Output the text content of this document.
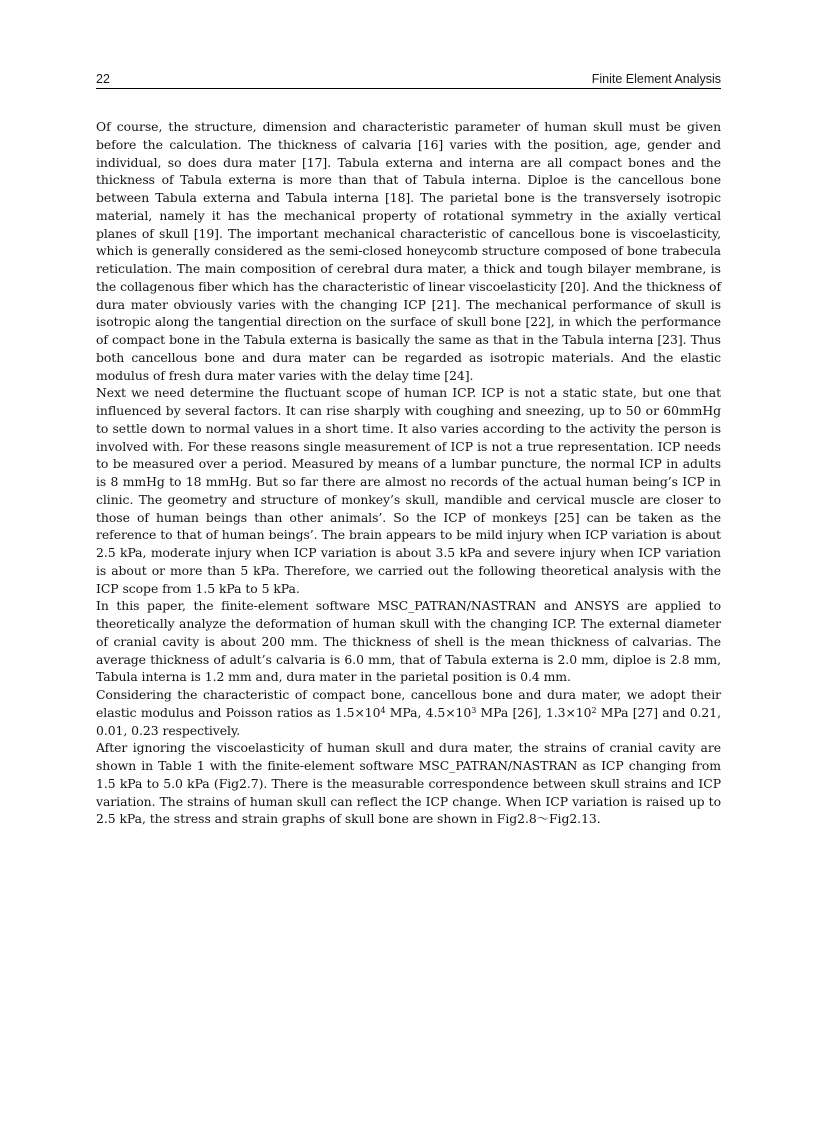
22	Finite Element Analysis

Of course, the structure, dimension and characteristic parameter of human skull must be given before the calculation. The thickness of calvaria [16] varies with the position, age, gender and individual, so does dura mater [17]. Tabula externa and interna are all compact bones and the thickness of Tabula externa is more than that of Tabula interna. Diploe is the cancellous bone between Tabula externa and Tabula interna [18]. The parietal bone is the transversely isotropic material, namely it has the mechanical property of rotational symmetry in the axially vertical planes of skull [19]. The important mechanical characteristic of cancellous bone is viscoelasticity, which is generally considered as the semi-closed honeycomb structure composed of bone trabecula reticulation. The main composition of cerebral dura mater, a thick and tough bilayer membrane, is the collagenous fiber which has the characteristic of linear viscoelasticity [20]. And the thickness of dura mater obviously varies with the changing ICP [21]. The mechanical performance of skull is isotropic along the tangential direction on the surface of skull bone [22], in which the performance of compact bone in the Tabula externa is basically the same as that in the Tabula interna [23]. Thus both cancellous bone and dura mater can be regarded as isotropic materials. And the elastic modulus of fresh dura mater varies with the delay time [24].

Next we need determine the fluctuant scope of human ICP. ICP is not a static state, but one that influenced by several factors. It can rise sharply with coughing and sneezing, up to 50 or 60mmHg to settle down to normal values in a short time. It also varies according to the activity the person is involved with. For these reasons single measurement of ICP is not a true representation. ICP needs to be measured over a period. Measured by means of a lumbar puncture, the normal ICP in adults is 8 mmHg to 18 mmHg. But so far there are almost no records of the actual human being’s ICP in clinic. The geometry and structure of monkey’s skull, mandible and cervical muscle are closer to those of human beings than other animals’. So the ICP of monkeys [25] can be taken as the reference to that of human beings’. The brain appears to be mild injury when ICP variation is about 2.5 kPa, moderate injury when ICP variation is about 3.5 kPa and severe injury when ICP variation is about or more than 5 kPa. Therefore, we carried out the following theoretical analysis with the ICP scope from 1.5 kPa to 5 kPa.

In this paper, the finite-element software MSC_PATRAN/NASTRAN and ANSYS are applied to theoretically analyze the deformation of human skull with the changing ICP. The external diameter of cranial cavity is about 200 mm. The thickness of shell is the mean thickness of calvarias. The average thickness of adult’s calvaria is 6.0 mm, that of Tabula externa is 2.0 mm, diploe is 2.8 mm, Tabula interna is 1.2 mm and, dura mater in the parietal position is 0.4 mm.

Considering the characteristic of compact bone, cancellous bone and dura mater, we adopt their elastic modulus and Poisson ratios as $1.5\times 10^4$ MPa, $4.5\times 10^3$ MPa [26], $1.3\times 10^2$ MPa [27] and 0.21, 0.01, 0.23 respectively.

After ignoring the viscoelasticity of human skull and dura mater, the strains of cranial cavity are shown in Table 1 with the finite-element software MSC_PATRAN/NASTRAN as ICP changing from 1.5 kPa to 5.0 kPa (Fig2.7). There is the measurable correspondence between skull strains and ICP variation. The strains of human skull can reflect the ICP change. When ICP variation is raised up to 2.5 kPa, the stress and strain graphs of skull bone are shown in Fig2.8～Fig2.13.
